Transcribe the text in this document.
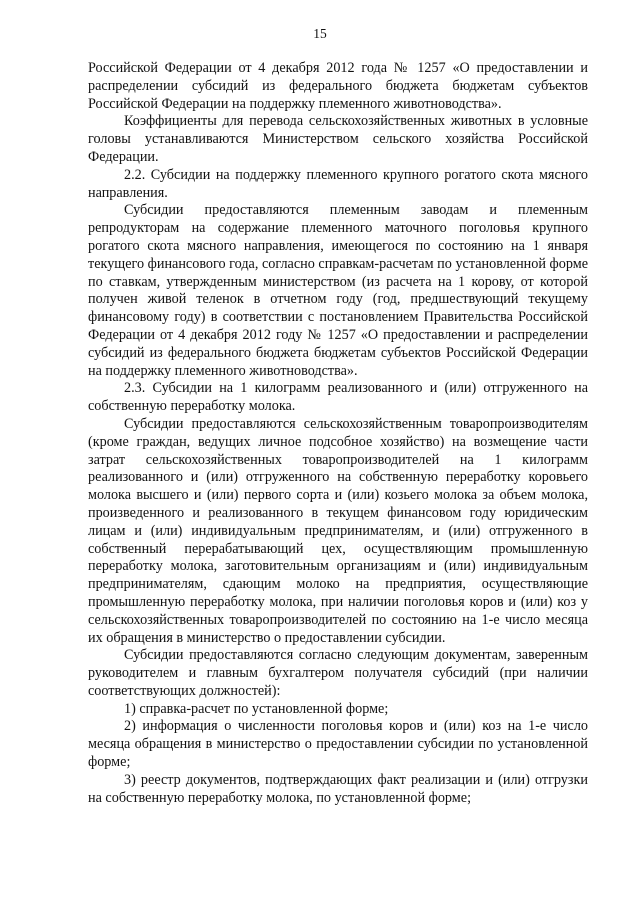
15

Российской Федерации от 4 декабря 2012 года № 1257 «О предоставлении и распределении субсидий из федерального бюджета бюджетам субъектов Российской Федерации на поддержку племенного животноводства».

Коэффициенты для перевода сельскохозяйственных животных в условные головы устанавливаются Министерством сельского хозяйства Российской Федерации.

2.2. Субсидии на поддержку племенного крупного рогатого скота мясного направления.

Субсидии предоставляются племенным заводам и племенным репродукторам на содержание племенного маточного поголовья крупного рогатого скота мясного направления, имеющегося по состоянию на 1 января текущего финансового года, согласно справкам-расчетам по установленной форме по ставкам, утвержденным министерством (из расчета на 1 корову, от которой получен живой теленок в отчетном году (год, предшествующий текущему финансовому году) в соответствии с постановлением Правительства Российской Федерации от 4 декабря 2012 году № 1257 «О предоставлении и распределении субсидий из федерального бюджета бюджетам субъектов Российской Федерации на поддержку племенного животноводства».

2.3. Субсидии на 1 килограмм реализованного и (или) отгруженного на собственную переработку молока.

Субсидии предоставляются сельскохозяйственным товаропроизводителям (кроме граждан, ведущих личное подсобное хозяйство) на возмещение части затрат сельскохозяйственных товаропроизводителей на 1 килограмм реализованного и (или) отгруженного на собственную переработку коровьего молока высшего и (или) первого сорта и (или) козьего молока за объем молока, произведенного и реализованного в текущем финансовом году юридическим лицам и (или) индивидуальным предпринимателям, и (или) отгруженного в собственный перерабатывающий цех, осуществляющим промышленную переработку молока, заготовительным организациям и (или) индивидуальным предпринимателям, сдающим молоко на предприятия, осуществляющие промышленную переработку молока, при наличии поголовья коров и (или) коз у сельскохозяйственных товаропроизводителей по состоянию на 1-е число месяца их обращения в министерство о предоставлении субсидии.

Субсидии предоставляются согласно следующим документам, заверенным руководителем и главным бухгалтером получателя субсидий (при наличии соответствующих должностей):

1) справка-расчет по установленной форме;

2) информация о численности поголовья коров и (или) коз на 1-е число месяца обращения в министерство о предоставлении субсидии по установленной форме;

3) реестр документов, подтверждающих факт реализации и (или) отгрузки на собственную переработку молока, по установленной форме;
